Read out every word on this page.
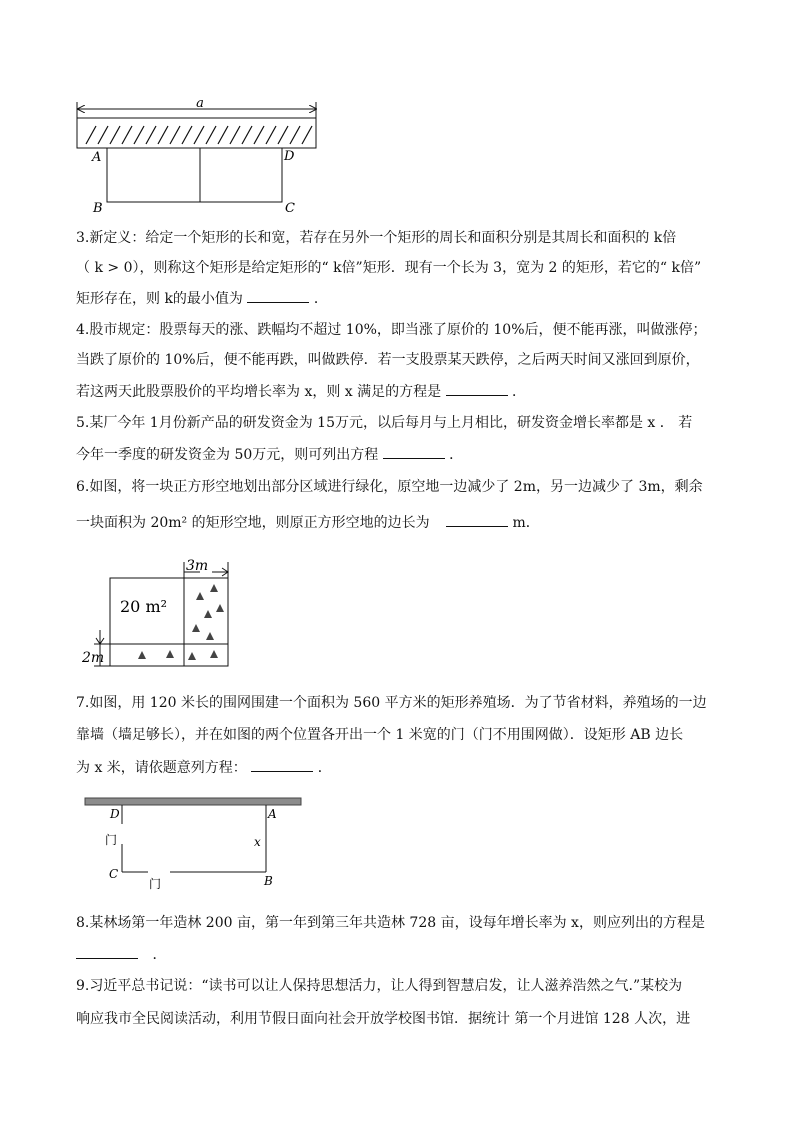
a
A	D
B	C
3.新定义：给定一个矩形的长和宽，若存在另外一个矩形的周长和面积分别是其周长和面积的 k倍
（ k > 0），则称这个矩形是给定矩形的“ k倍”矩形．现有一个长为 3，宽为 2 的矩形，若它的“ k倍”
矩形存在，则 k的最小值为	．
4.股市规定：股票每天的涨、跌幅均不超过 10%，即当涨了原价的 10%后，便不能再涨，叫做涨停；
当跌了原价的 10%后，便不能再跌，叫做跌停．若一支股票某天跌停，之后两天时间又涨回到原价，
若这两天此股票股价的平均增长率为 x，则 x 满足的方程是	．
5.某厂今年 1月份新产品的研发资金为 15万元，以后每月与上月相比，研发资金增长率都是 x ． 若
今年一季度的研发资金为 50万元，则可列出方程	．
6.如图，将一块正方形空地划出部分区域进行绿化，原空地一边减少了 2m，另一边减少了 3m，剩余
一块面积为 20m² 的矩形空地，则原正方形空地的边长为	m．
3m
20 m²
2m
7.如图，用 120 米长的围网围建一个面积为 560 平方米的矩形养殖场．为了节省材料，养殖场的一边
靠墙（墙足够长），并在如图的两个位置各开出一个 1 米宽的门（门不用围网做）．设矩形 AB 边长
为 x 米，请依题意列方程：	．
D	A
C	B
x
门
门
8.某林场第一年造林 200 亩，第一年到第三年共造林 728 亩，设每年增长率为 x，则应列出的方程是
．
9.习近平总书记说：“读书可以让人保持思想活力，让人得到智慧启发，让人滋养浩然之气.”某校为
响应我市全民阅读活动，利用节假日面向社会开放学校图书馆．据统计 第一个月进馆 128 人次，进
